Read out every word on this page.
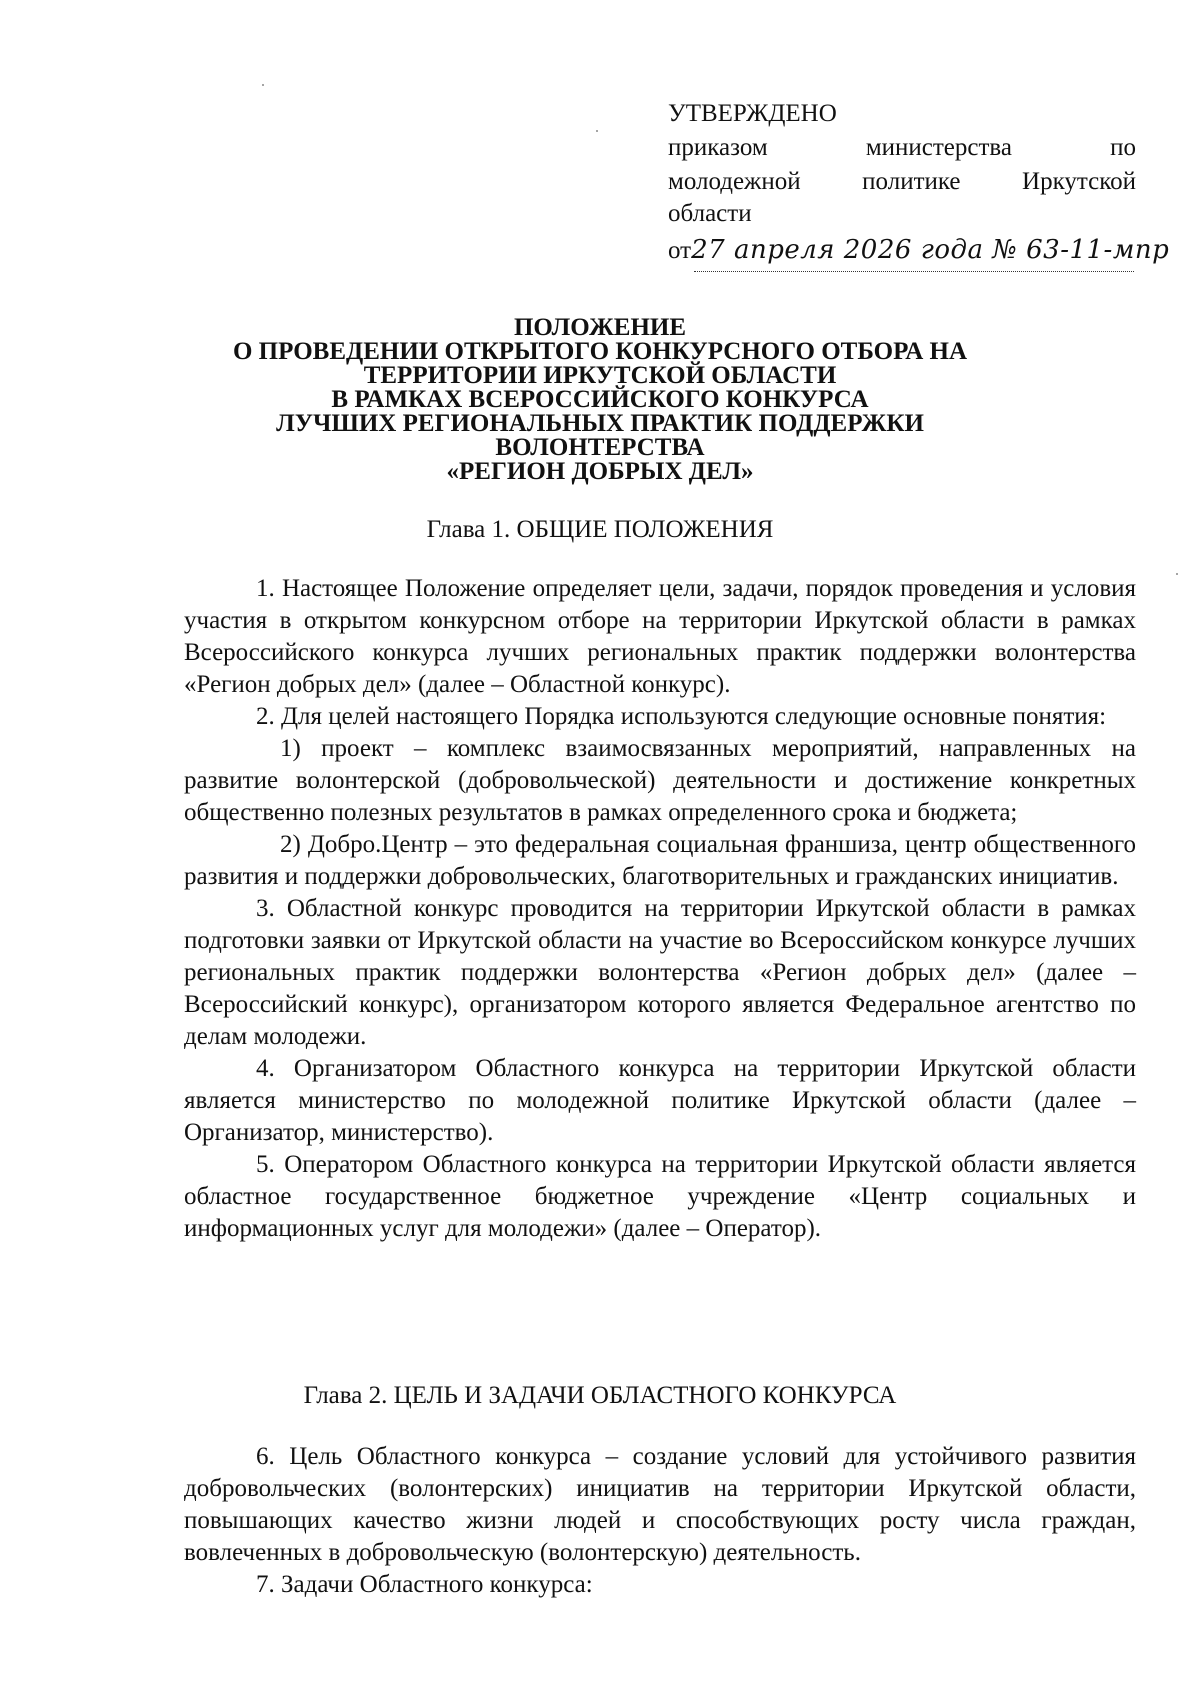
УТВЕРЖДЕНО

приказом министерства по

молодежной политике Иркутской

области

от27 апреля 2026 года № 63-11-мпр

ПОЛОЖЕНИЕ
О ПРОВЕДЕНИИ ОТКРЫТОГО КОНКУРСНОГО ОТБОРА НА
ТЕРРИТОРИИ ИРКУТСКОЙ ОБЛАСТИ
В РАМКАХ ВСЕРОССИЙСКОГО КОНКУРСА
ЛУЧШИХ РЕГИОНАЛЬНЫХ ПРАКТИК ПОДДЕРЖКИ
ВОЛОНТЕРСТВА
«РЕГИОН ДОБРЫХ ДЕЛ»
Глава 1. ОБЩИЕ ПОЛОЖЕНИЯ

1. Настоящее Положение определяет цели, задачи, порядок проведения и условия участия в открытом конкурсном отборе на территории Иркутской области в рамках Всероссийского конкурса лучших региональных практик поддержки волонтерства «Регион добрых дел» (далее – Областной конкурс).

2. Для целей настоящего Порядка используются следующие основные понятия:

1) проект – комплекс взаимосвязанных мероприятий, направленных на развитие волонтерской (добровольческой) деятельности и достижение конкретных общественно полезных результатов в рамках определенного срока и бюджета;

2) Добро.Центр – это федеральная социальная франшиза, центр общественного развития и поддержки добровольческих, благотворительных и гражданских инициатив.

3. Областной конкурс проводится на территории Иркутской области в рамках подготовки заявки от Иркутской области на участие во Всероссийском конкурсе лучших региональных практик поддержки волонтерства «Регион добрых дел» (далее – Всероссийский конкурс), организатором которого является Федеральное агентство по делам молодежи.

4. Организатором Областного конкурса на территории Иркутской области является министерство по молодежной политике Иркутской области (далее – Организатор, министерство).

5. Оператором Областного конкурса на территории Иркутской области является областное государственное бюджетное учреждение «Центр социальных и информационных услуг для молодежи» (далее – Оператор).

Глава 2. ЦЕЛЬ И ЗАДАЧИ ОБЛАСТНОГО КОНКУРСА

6. Цель Областного конкурса – создание условий для устойчивого развития добровольческих (волонтерских) инициатив на территории Иркутской области, повышающих качество жизни людей и способствующих росту числа граждан, вовлеченных в добровольческую (волонтерскую) деятельность.

7. Задачи Областного конкурса:
